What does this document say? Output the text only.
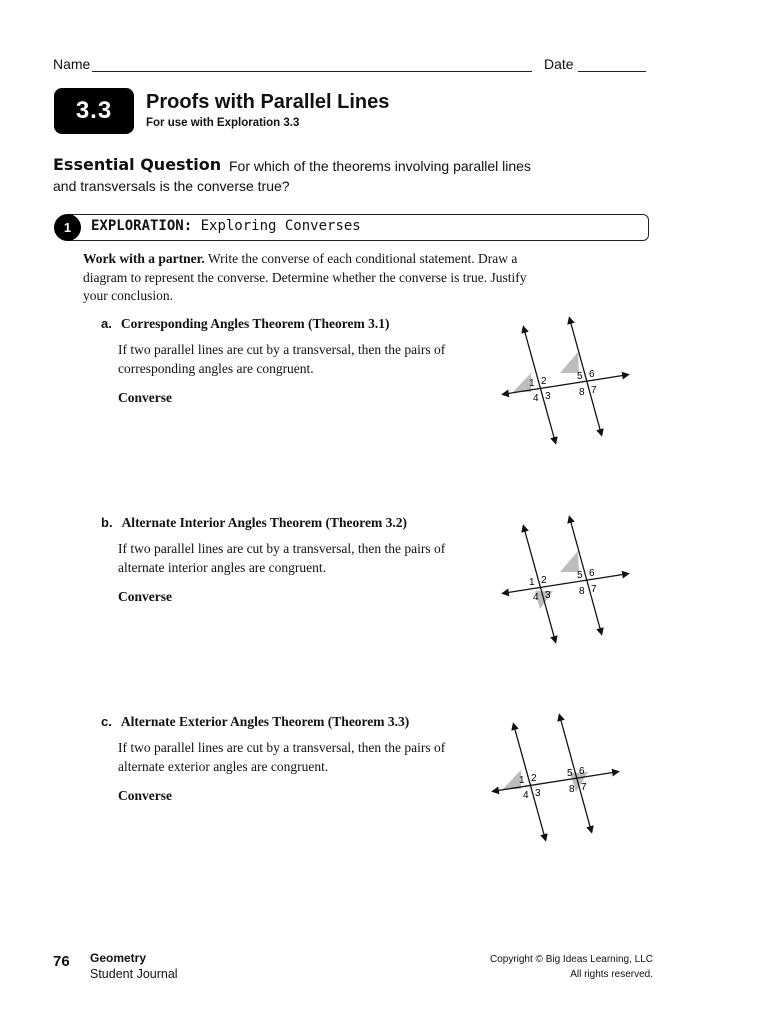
Name	Date
3.3	Proofs with Parallel Lines
For use with Exploration 3.3
Essential Question For which of the theorems involving parallel lines
and transversals is the converse true?
1	EXPLORATION: Exploring Converses
Work with a partner. Write the converse of each conditional statement. Draw a
diagram to represent the converse. Determine whether the converse is true. Justify
your conclusion.
a. Corresponding Angles Theorem (Theorem 3.1)
If two parallel lines are cut by a transversal, then the pairs of
corresponding angles are congruent.
Converse
b. Alternate Interior Angles Theorem (Theorem 3.2)
If two parallel lines are cut by a transversal, then the pairs of
alternate interior angles are congruent.
Converse
c. Alternate Exterior Angles Theorem (Theorem 3.3)
If two parallel lines are cut by a transversal, then the pairs of
alternate exterior angles are congruent.
Converse
1 2
3
4
5 6
7
8
1 2
3
4
5 6
7
8
1 2
3
4
5 6
7
8
76 Geometry
Student Journal
Copyright © Big Ideas Learning, LLC
All rights reserved.
